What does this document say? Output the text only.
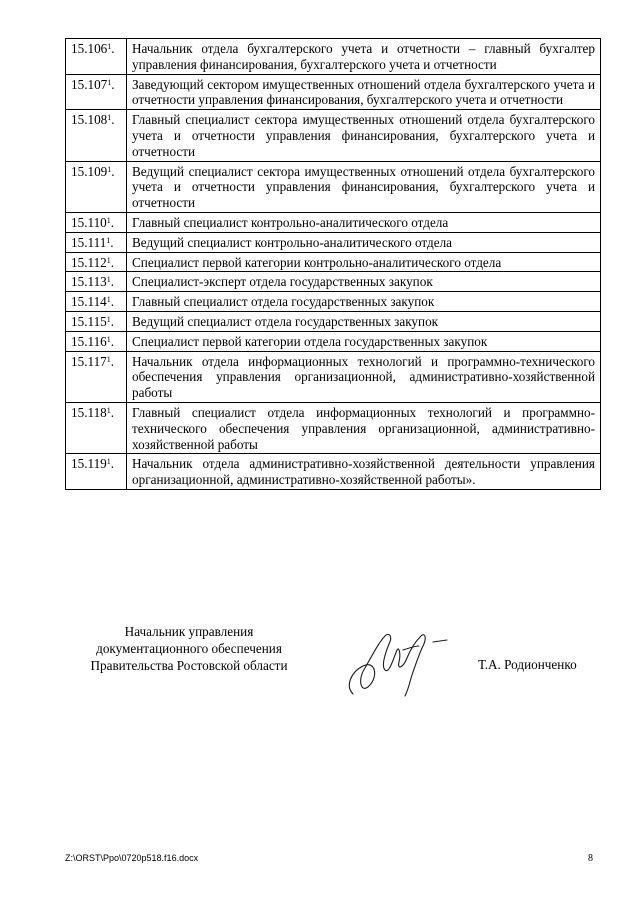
15.106$^1$.	Начальник отдела бухгалтерского учета и отчетности – главный бухгалтер управления финансирования, бухгалтерского учета и отчетности
15.107$^1$.	Заведующий сектором имущественных отношений отдела бухгалтерского учета и отчетности управления финансирования, бухгалтерского учета и отчетности
15.108$^1$.	Главный специалист сектора имущественных отношений отдела бухгалтерского учета и отчетности управления финансирования, бухгалтерского учета и отчетности
15.109$^1$.	Ведущий специалист сектора имущественных отношений отдела бухгалтерского учета и отчетности управления финансирования, бухгалтерского учета и отчетности
15.110$^1$.	Главный специалист контрольно-аналитического отдела
15.111$^1$.	Ведущий специалист контрольно-аналитического отдела
15.112$^1$.	Специалист первой категории контрольно-аналитического отдела
15.113$^1$.	Специалист-эксперт отдела государственных закупок
15.114$^1$.	Главный специалист отдела государственных закупок
15.115$^1$.	Ведущий специалист отдела государственных закупок
15.116$^1$.	Специалист первой категории отдела государственных закупок
15.117$^1$.	Начальник отдела информационных технологий и программно-технического обеспечения управления организационной, административно-хозяйственной работы
15.118$^1$.	Главный специалист отдела информационных технологий и программно-технического обеспечения управления организационной, административно-хозяйственной работы
15.119$^1$.	Начальник отдела административно-хозяйственной деятельности управления организационной, административно-хозяйственной работы».
Начальник управления
документационного обеспечения
Правительства Ростовской области	Т.А. Родионченко
Z:\ORST\Ppo\0720p518.f16.docx	8
